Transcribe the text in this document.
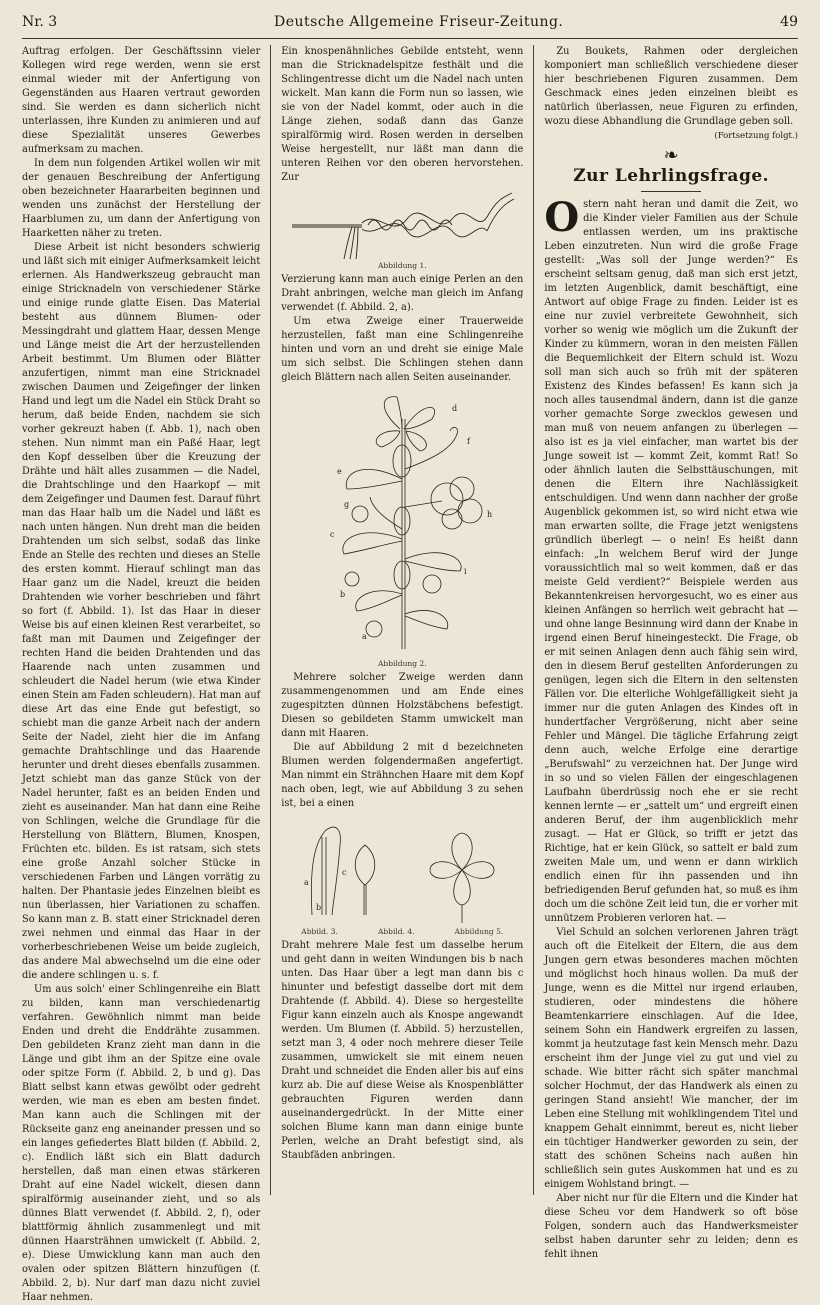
Nr. 3	Deutsche Allgemeine Friseur-Zeitung.	49

Auftrag erfolgen. Der Geschäftssinn vieler Kollegen wird rege werden, wenn sie erst einmal wieder mit der Anfertigung von Gegenständen aus Haaren vertraut geworden sind. Sie werden es dann sicherlich nicht unterlassen, ihre Kunden zu animieren und auf diese Spezialität unseres Gewerbes aufmerksam zu machen.

In dem nun folgenden Artikel wollen wir mit der genauen Beschreibung der Anfertigung oben bezeichneter Haararbeiten beginnen und wenden uns zunächst der Herstellung der Haarblumen zu, um dann der Anfertigung von Haarketten näher zu treten.

Diese Arbeit ist nicht besonders schwierig und läßt sich mit einiger Aufmerksamkeit leicht erlernen. Als Handwerkszeug gebraucht man einige Stricknadeln von verschiedener Stärke und einige runde glatte Eisen. Das Material besteht aus dünnem Blumen- oder Messingdraht und glattem Haar, dessen Menge und Länge meist die Art der herzustellenden Arbeit bestimmt. Um Blumen oder Blätter anzufertigen, nimmt man eine Stricknadel zwischen Daumen und Zeigefinger der linken Hand und legt um die Nadel ein Stück Draht so herum, daß beide Enden, nachdem sie sich vorher gekreuzt haben (f. Abb. 1), nach oben stehen. Nun nimmt man ein Paßé Haar, legt den Kopf desselben über die Kreuzung der Drähte und hält alles zusammen — die Nadel, die Drahtschlinge und den Haarkopf — mit dem Zeigefinger und Daumen fest. Darauf führt man das Haar halb um die Nadel und läßt es nach unten hängen. Nun dreht man die beiden Drahtenden um sich selbst, sodaß das linke Ende an Stelle des rechten und dieses an Stelle des ersten kommt. Hierauf schlingt man das Haar ganz um die Nadel, kreuzt die beiden Drahtenden wie vorher beschrieben und fährt so fort (f. Abbild. 1). Ist das Haar in dieser Weise bis auf einen kleinen Rest verarbeitet, so faßt man mit Daumen und Zeigefinger der rechten Hand die beiden Drahtenden und das Haarende nach unten zusammen und schleudert die Nadel herum (wie etwa Kinder einen Stein am Faden schleudern). Hat man auf diese Art das eine Ende gut befestigt, so schiebt man die ganze Arbeit nach der andern Seite der Nadel, zieht hier die im Anfang gemachte Drahtschlinge und das Haarende herunter und dreht dieses ebenfalls zusammen. Jetzt schiebt man das ganze Stück von der Nadel herunter, faßt es an beiden Enden und zieht es auseinander. Man hat dann eine Reihe von Schlingen, welche die Grundlage für die Herstellung von Blättern, Blumen, Knospen, Früchten etc. bilden. Es ist ratsam, sich stets eine große Anzahl solcher Stücke in verschiedenen Farben und Längen vorrätig zu halten. Der Phantasie jedes Einzelnen bleibt es nun überlassen, hier Variationen zu schaffen. So kann man z. B. statt einer Stricknadel deren zwei nehmen und einmal das Haar in der vorherbeschriebenen Weise um beide zugleich, das andere Mal abwechselnd um die eine oder die andere schlingen u. s. f.

Um aus solch' einer Schlingenreihe ein Blatt zu bilden, kann man verschiedenartig verfahren. Gewöhnlich nimmt man beide Enden und dreht die Enddrähte zusammen. Den gebildeten Kranz zieht man dann in die Länge und gibt ihm an der Spitze eine ovale oder spitze Form (f. Abbild. 2, b und g). Das Blatt selbst kann etwas gewölbt oder gedreht werden, wie man es eben am besten findet. Man kann auch die Schlingen mit der Rückseite ganz eng aneinander pressen und so ein langes gefiedertes Blatt bilden (f. Abbild. 2, c). Endlich läßt sich ein Blatt dadurch herstellen, daß man einen etwas stärkeren Draht auf eine Nadel wickelt, diesen dann spiralförmig auseinander zieht, und so als dünnes Blatt verwendet (f. Abbild. 2, f), oder blattförmig ähnlich zusammenlegt und mit dünnen Haarsträhnen umwickelt (f. Abbild. 2, e). Diese Umwicklung kann man auch den ovalen oder spitzen Blättern hinzufügen (f. Abbild. 2, b). Nur darf man dazu nicht zuviel Haar nehmen.

Ein knospenähnliches Gebilde entsteht, wenn man die Stricknadelspitze festhält und die Schlingentresse dicht um die Nadel nach unten wickelt. Man kann die Form nun so lassen, wie sie von der Nadel kommt, oder auch in die Länge ziehen, sodaß dann das Ganze spiralförmig wird. Rosen werden in derselben Weise hergestellt, nur läßt man dann die unteren Reihen vor den oberen hervorstehen. Zur

Abbildung 1.

Verzierung kann man auch einige Perlen an den Draht anbringen, welche man gleich im Anfang verwendet (f. Abbild. 2, a).

Um etwa Zweige einer Trauerweide herzustellen, faßt man eine Schlingenreihe hinten und vorn an und dreht sie einige Male um sich selbst. Die Schlingen stehen dann gleich Blättern nach allen Seiten auseinander.

a
b
c
d
e
f
g
h
i
Abbildung 2.

Mehrere solcher Zweige werden dann zusammengenommen und am Ende eines zugespitzten dünnen Holzstäbchens befestigt. Diesen so gebildeten Stamm umwickelt man dann mit Haaren.

Die auf Abbildung 2 mit d bezeichneten Blumen werden folgendermaßen angefertigt. Man nimmt ein Strähnchen Haare mit dem Kopf nach oben, legt, wie auf Abbildung 3 zu sehen ist, bei a einen

a
b
c
Abbild. 3.	Abbild. 4.	Abbildung 5.

Draht mehrere Male fest um dasselbe herum und geht dann in weiten Windungen bis b nach unten. Das Haar über a legt man dann bis c hinunter und befestigt dasselbe dort mit dem Drahtende (f. Abbild. 4). Diese so hergestellte Figur kann einzeln auch als Knospe angewandt werden. Um Blumen (f. Abbild. 5) herzustellen, setzt man 3, 4 oder noch mehrere dieser Teile zusammen, umwickelt sie mit einem neuen Draht und schneidet die Enden aller bis auf eins kurz ab. Die auf diese Weise als Knospenblätter gebrauchten Figuren werden dann auseinandergedrückt. In der Mitte einer solchen Blume kann man dann einige bunte Perlen, welche an Draht befestigt sind, als Staubfäden anbringen.

Zu Boukets, Rahmen oder dergleichen komponiert man schließlich verschiedene dieser hier beschriebenen Figuren zusammen. Dem Geschmack eines jeden einzelnen bleibt es natürlich überlassen, neue Figuren zu erfinden, wozu diese Abhandlung die Grundlage geben soll.

(Fortsetzung folgt.)
❧
Zur Lehrlingsfrage.

Ostern naht heran und damit die Zeit, wo die Kinder vieler Familien aus der Schule entlassen werden, um ins praktische Leben einzutreten. Nun wird die große Frage gestellt: „Was soll der Junge werden?“ Es erscheint seltsam genug, daß man sich erst jetzt, im letzten Augenblick, damit beschäftigt, eine Antwort auf obige Frage zu finden. Leider ist es eine nur zuviel verbreitete Gewohnheit, sich vorher so wenig wie möglich um die Zukunft der Kinder zu kümmern, woran in den meisten Fällen die Bequemlichkeit der Eltern schuld ist. Wozu soll man sich auch so früh mit der späteren Existenz des Kindes befassen! Es kann sich ja noch alles tausendmal ändern, dann ist die ganze vorher gemachte Sorge zwecklos gewesen und man muß von neuem anfangen zu überlegen — also ist es ja viel einfacher, man wartet bis der Junge soweit ist — kommt Zeit, kommt Rat! So oder ähnlich lauten die Selbsttäuschungen, mit denen die Eltern ihre Nachlässigkeit entschuldigen. Und wenn dann nachher der große Augenblick gekommen ist, so wird nicht etwa wie man erwarten sollte, die Frage jetzt wenigstens gründlich überlegt — o nein! Es heißt dann einfach: „In welchem Beruf wird der Junge voraussichtlich mal so weit kommen, daß er das meiste Geld verdient?“ Beispiele werden aus Bekanntenkreisen hervorgesucht, wo es einer aus kleinen Anfängen so herrlich weit gebracht hat — und ohne lange Besinnung wird dann der Knabe in irgend einen Beruf hineingesteckt. Die Frage, ob er mit seinen Anlagen denn auch fähig sein wird, den in diesem Beruf gestellten Anforderungen zu genügen, legen sich die Eltern in den seltensten Fällen vor. Die elterliche Wohlgefälligkeit sieht ja immer nur die guten Anlagen des Kindes oft in hundertfacher Vergrößerung, nicht aber seine Fehler und Mängel. Die tägliche Erfahrung zeigt denn auch, welche Erfolge eine derartige „Berufswahl“ zu verzeichnen hat. Der Junge wird in so und so vielen Fällen der eingeschlagenen Laufbahn überdrüssig noch ehe er sie recht kennen lernte — er „sattelt um“ und ergreift einen anderen Beruf, der ihm augenblicklich mehr zusagt. — Hat er Glück, so trifft er jetzt das Richtige, hat er kein Glück, so sattelt er bald zum zweiten Male um, und wenn er dann wirklich endlich einen für ihn passenden und ihn befriedigenden Beruf gefunden hat, so muß es ihm doch um die schöne Zeit leid tun, die er vorher mit unnützem Probieren verloren hat. —

Viel Schuld an solchen verlorenen Jahren trägt auch oft die Eitelkeit der Eltern, die aus dem Jungen gern etwas besonderes machen möchten und möglichst hoch hinaus wollen. Da muß der Junge, wenn es die Mittel nur irgend erlauben, studieren, oder mindestens die höhere Beamtenkarriere einschlagen. Auf die Idee, seinem Sohn ein Handwerk ergreifen zu lassen, kommt ja heutzutage fast kein Mensch mehr. Dazu erscheint ihm der Junge viel zu gut und viel zu schade. Wie bitter rächt sich später manchmal solcher Hochmut, der das Handwerk als einen zu geringen Stand ansieht! Wie mancher, der im Leben eine Stellung mit wohlklingendem Titel und knappem Gehalt einnimmt, bereut es, nicht lieber ein tüchtiger Handwerker geworden zu sein, der statt des schönen Scheins nach außen hin schließlich sein gutes Auskommen hat und es zu einigem Wohlstand bringt. —

Aber nicht nur für die Eltern und die Kinder hat diese Scheu vor dem Handwerk so oft böse Folgen, sondern auch das Handwerksmeister selbst haben darunter sehr zu leiden; denn es fehlt ihnen
